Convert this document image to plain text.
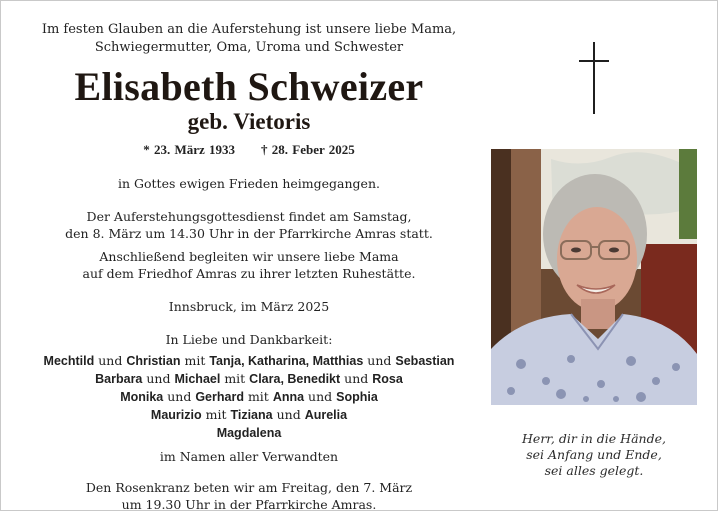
Im festen Glauben an die Auferstehung ist unsere liebe Mama,

Schwiegermutter, Oma, Uroma und Schwester

Elisabeth Schweizer
geb. Vietoris

* 23. März 1933 † 28. Feber 2025

in Gottes ewigen Frieden heimgegangen.

Der Auferstehungsgottesdienst findet am Samstag,

den 8. März um 14.30 Uhr in der Pfarrkirche Amras statt.

Anschließend begleiten wir unsere liebe Mama

auf dem Friedhof Amras zu ihrer letzten Ruhestätte.

Innsbruck, im März 2025

In Liebe und Dankbarkeit:

Mechtild und Christian mit Tanja, Katharina, Matthias und Sebastian
Barbara und Michael mit Clara, Benedikt und Rosa
Monika und Gerhard mit Anna und Sophia
Maurizio mit Tiziana und Aurelia
Magdalena

im Namen aller Verwandten

Den Rosenkranz beten wir am Freitag, den 7. März

um 19.30 Uhr in der Pfarrkirche Amras.

Herr, dir in die Hände,
sei Anfang und Ende,
sei alles gelegt.
